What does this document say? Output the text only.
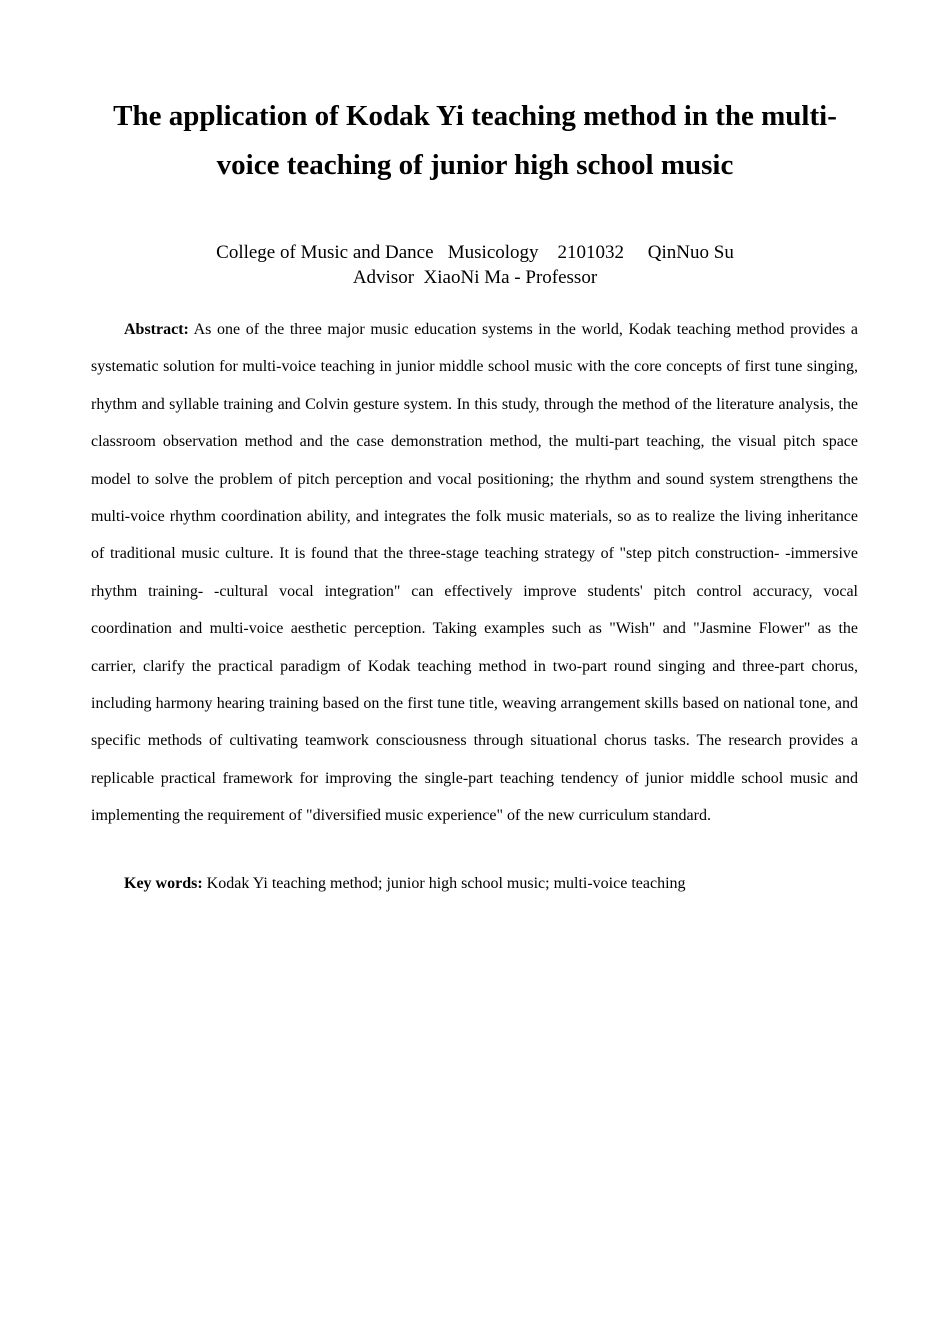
The application of Kodak Yi teaching method in the multi-voice teaching of junior high school music
College of Music and Dance   Musicology    2101032     QinNuo Su
Advisor  XiaoNi Ma - Professor

Abstract: As one of the three major music education systems in the world, Kodak teaching method provides a systematic solution for multi-voice teaching in junior middle school music with the core concepts of first tune singing, rhythm and syllable training and Colvin gesture system. In this study, through the method of the literature analysis, the classroom observation method and the case demonstration method, the multi-part teaching, the visual pitch space model to solve the problem of pitch perception and vocal positioning; the rhythm and sound system strengthens the multi-voice rhythm coordination ability, and integrates the folk music materials, so as to realize the living inheritance of traditional music culture. It is found that the three-stage teaching strategy of "step pitch construction- -immersive rhythm training- -cultural vocal integration" can effectively improve students' pitch control accuracy, vocal coordination and multi-voice aesthetic perception. Taking examples such as "Wish" and "Jasmine Flower" as the carrier, clarify the practical paradigm of Kodak teaching method in two-part round singing and three-part chorus, including harmony hearing training based on the first tune title, weaving arrangement skills based on national tone, and specific methods of cultivating teamwork consciousness through situational chorus tasks. The research provides a replicable practical framework for improving the single-part teaching tendency of junior middle school music and implementing the requirement of "diversified music experience" of the new curriculum standard.

Key words: Kodak Yi teaching method; junior high school music; multi-voice teaching
